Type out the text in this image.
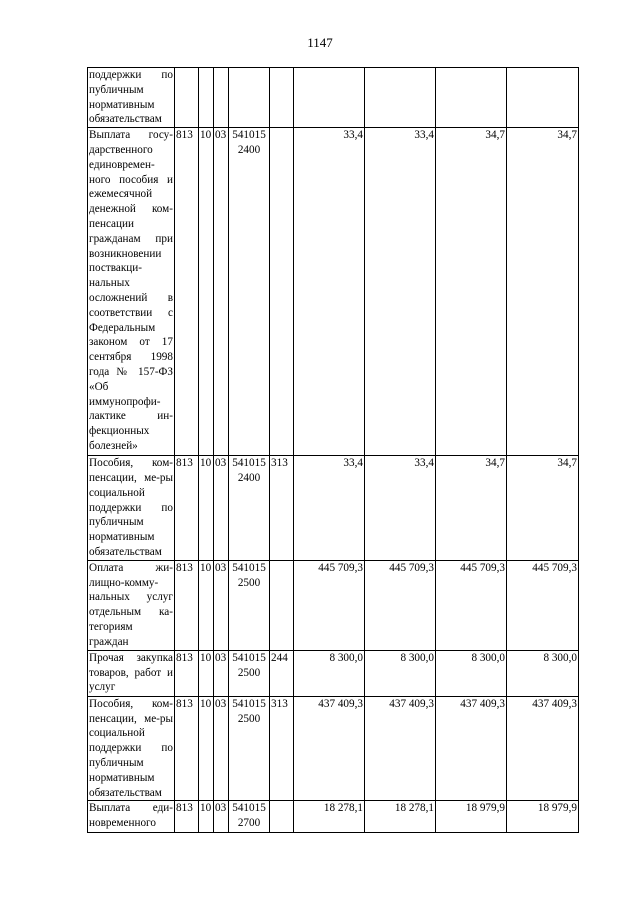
1147
поддержки по публичным нормативным обязательствам									
Выплата госу-дарственного единовремен-ного пособия и ежемесячной денежной ком-пенсации гражданам при возникновении поствакци-нальных осложнений в соответствии с Федеральным законом от 17 сентября 1998 года № 157-ФЗ «Об иммунопрофи-лактике ин-фекционных болезней»	813	10	03	5410152400		33,4	33,4	34,7	34,7
Пособия, ком-пенсации, ме-ры социальной поддержки по публичным нормативным обязательствам	813	10	03	5410152400	313	33,4	33,4	34,7	34,7
Оплата жи-лищно-комму-нальных услуг отдельным ка-тегориям граждан	813	10	03	5410152500		445 709,3	445 709,3	445 709,3	445 709,3
Прочая закупка товаров, работ и услуг	813	10	03	5410152500	244	8 300,0	8 300,0	8 300,0	8 300,0
Пособия, ком-пенсации, ме-ры социальной поддержки по публичным нормативным обязательствам	813	10	03	5410152500	313	437 409,3	437 409,3	437 409,3	437 409,3
Выплата еди-новременного	813	10	03	5410152700		18 278,1	18 278,1	18 979,9	18 979,9
